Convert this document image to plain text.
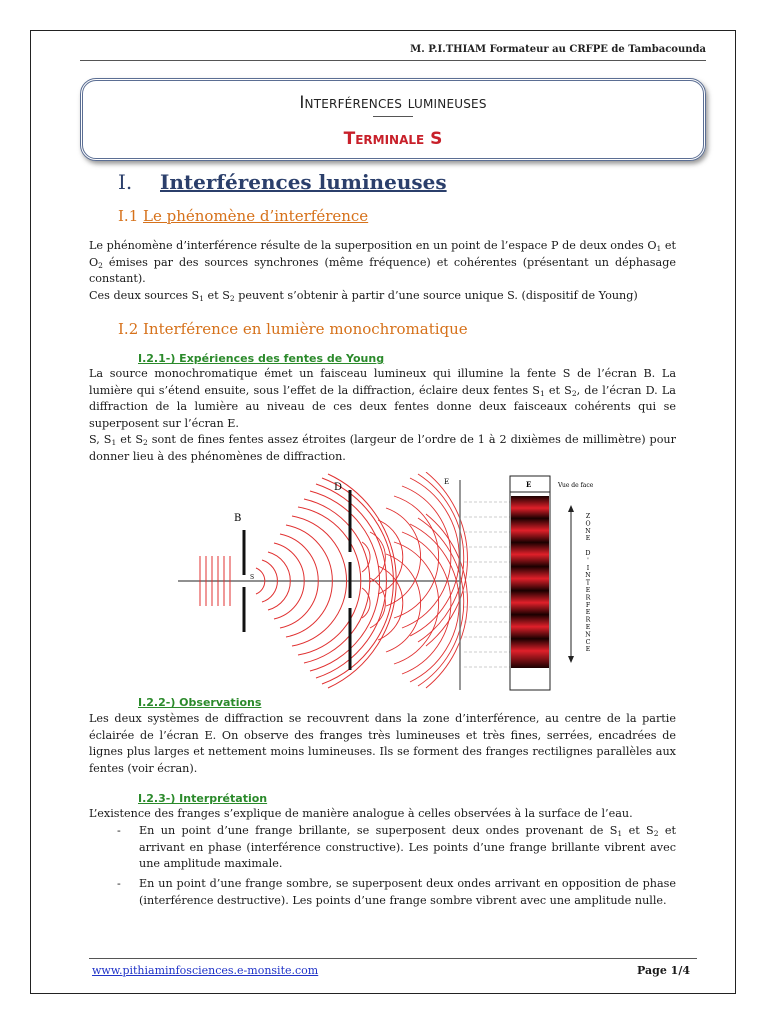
M. P.I.THIAM Formateur au CRFPE de Tambacounda
Interférences lumineuses
Terminale S
I. Interférences lumineuses
I.1 Le phénomène d’interférence

Le phénomène d’interférence résulte de la superposition en un point de l’espace P de deux ondes $O_1$ et $O_2$ émises par des sources synchrones (même fréquence) et cohérentes (présentant un déphasage constant).

Ces deux sources $S_1$ et $S_2$ peuvent s’obtenir à partir d’une source unique S. (dispositif de Young)

I.2 Interférence en lumière monochromatique
I.2.1-) Expériences des fentes de Young

La source monochromatique émet un faisceau lumineux qui illumine la fente S de l’écran B. La lumière qui s’étend ensuite, sous l’effet de la diffraction, éclaire deux fentes $S_1$ et $S_2$, de l’écran D. La diffraction de la lumière au niveau de ces deux fentes donne deux faisceaux cohérents qui se superposent sur l’écran E.

S, $S_1$ et $S_2$ sont de fines fentes assez étroites (largeur de l’ordre de 1 à 2 dixièmes de millimètre) pour donner lieu à des phénomènes de diffraction.

B
S
D	E	E	Vue de face
Z O N E D ' I N T E R F E R E N C E
I.2.2-) Observations

Les deux systèmes de diffraction se recouvrent dans la zone d’interférence, au centre de la partie éclairée de l’écran E. On observe des franges très lumineuses et très fines, serrées, encadrées de lignes plus larges et nettement moins lumineuses. Ils se forment des franges rectilignes parallèles aux fentes (voir écran).

I.2.3-) Interprétation

L’existence des franges s’explique de manière analogue à celles observées à la surface de l’eau.

- En un point d’une frange brillante, se superposent deux ondes provenant de $S_1$ et $S_2$ et arrivant en phase (interférence constructive). Les points d’une frange brillante vibrent avec une amplitude maximale.
- En un point d’une frange sombre, se superposent deux ondes arrivant en opposition de phase (interférence destructive). Les points d’une frange sombre vibrent avec une amplitude nulle.
www.pithiaminfosciences.e-monsite.com	Page 1/4
